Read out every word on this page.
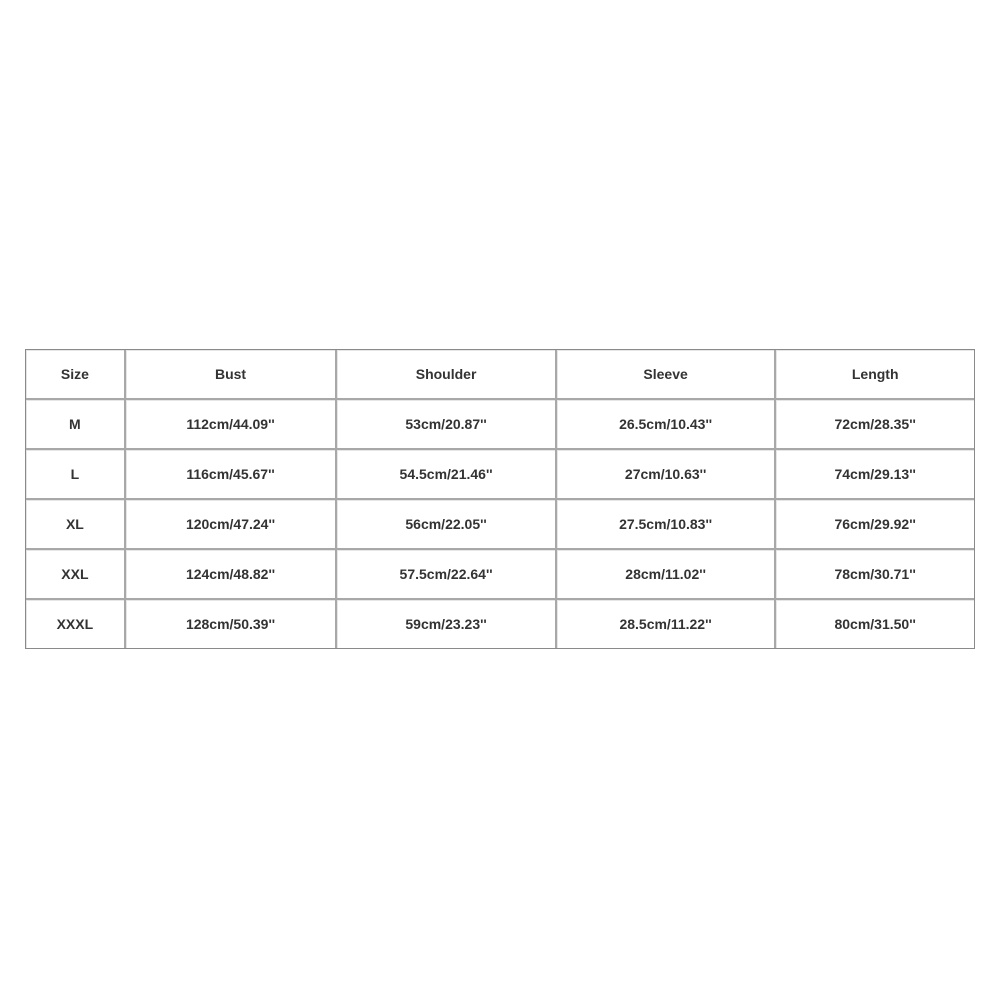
Size	Bust	Shoulder	Sleeve	Length
M	112cm/44.09''	53cm/20.87''	26.5cm/10.43''	72cm/28.35''
L	116cm/45.67''	54.5cm/21.46''	27cm/10.63''	74cm/29.13''
XL	120cm/47.24''	56cm/22.05''	27.5cm/10.83''	76cm/29.92''
XXL	124cm/48.82''	57.5cm/22.64''	28cm/11.02''	78cm/30.71''
XXXL	128cm/50.39''	59cm/23.23''	28.5cm/11.22''	80cm/31.50''
